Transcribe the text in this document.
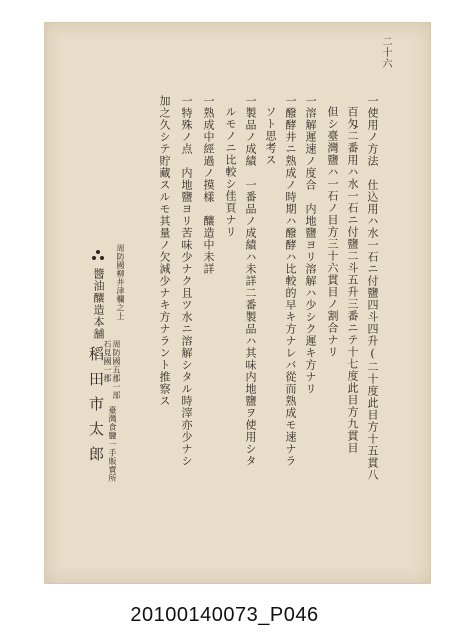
二十六
一使用ノ方法　仕込用ハ水一石ニ付鹽四斗四升(二十度此目方十五貫八
百匁二番用ハ水一石ニ付鹽二斗五升三番ニテ十七度此目方九貫目
但シ臺灣鹽ハ一石ノ目方三十六貫目ノ割合ナリ
一溶解遲速ノ度合　内地鹽ヨリ溶解ハ少シク遲キ方ナリ
一醱酵井ニ熟成ノ時期ハ醱酵ハ比較的早キ方ナレバ從而熟成モ速ナラ
ソト思考ス
一製品ノ成績　一番品ノ成績ハ未詳二番製品ハ其味内地鹽ヲ使用シタ
ルモノニ比較シ佳頁ナリ
一熟成中經過ノ摸樣　釀造中未詳
一特殊ノ点　内地鹽ヨリ苦味少ナク且ツ水ニ溶解シタル時滓亦少ナシ
加之久シテ貯藏スルモ其量ノ欠減少ナキ方ナラント推察ス
周防國柳井津欄之上
周防國五郡一部
石見國一郡
臺灣食鹽一手販賣所
醬油釀造本舗
稻田市太郎
20100140073_P046
